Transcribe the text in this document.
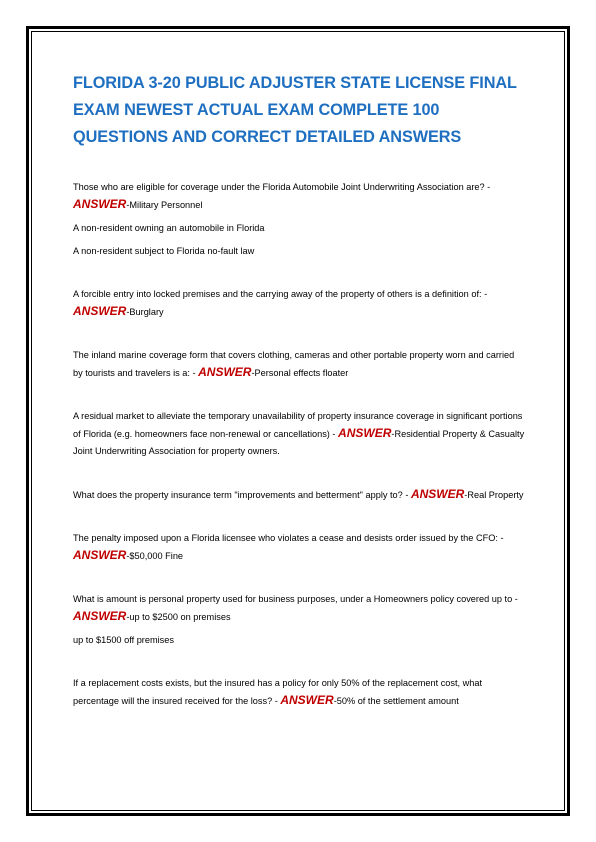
FLORIDA 3-20 PUBLIC ADJUSTER STATE LICENSE FINAL EXAM NEWEST ACTUAL EXAM COMPLETE 100 QUESTIONS AND CORRECT DETAILED ANSWERS

Those who are eligible for coverage under the Florida Automobile Joint Underwriting Association are? - ANSWER-Military Personnel

A non-resident owning an automobile in Florida

A non-resident subject to Florida no-fault law

A forcible entry into locked premises and the carrying away of the property of others is a definition of: - ANSWER-Burglary

The inland marine coverage form that covers clothing, cameras and other portable property worn and carried by tourists and travelers is a: - ANSWER-Personal effects floater

A residual market to alleviate the temporary unavailability of property insurance coverage in significant portions of Florida (e.g. homeowners face non-renewal or cancellations) - ANSWER-Residential Property & Casualty Joint Underwriting Association for property owners.

What does the property insurance term "improvements and betterment" apply to? - ANSWER-Real Property

The penalty imposed upon a Florida licensee who violates a cease and desists order issued by the CFO: - ANSWER-$50,000 Fine

What is amount is personal property used for business purposes, under a Homeowners policy covered up to - ANSWER-up to $2500 on premises

up to $1500 off premises

If a replacement costs exists, but the insured has a policy for only 50% of the replacement cost, what percentage will the insured received for the loss? - ANSWER-50% of the settlement amount
